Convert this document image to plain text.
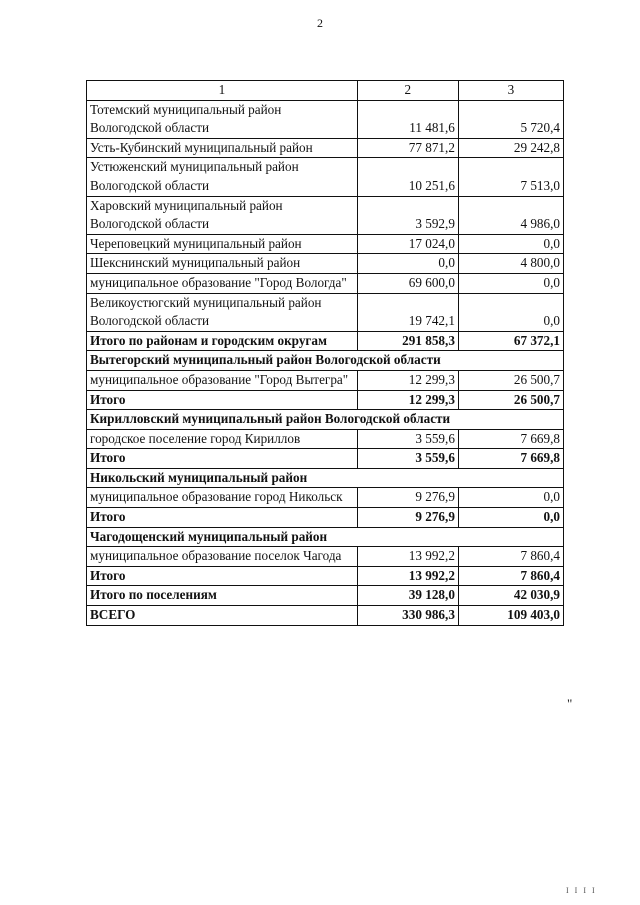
2
1	2	3
Тотемский муниципальный район Вологодской области	11 481,6	5 720,4
Усть-Кубинский муниципальный район	77 871,2	29 242,8
Устюженский муниципальный район Вологодской области	10 251,6	7 513,0
Харовский муниципальный район Вологодской области	3 592,9	4 986,0
Череповецкий муниципальный район	17 024,0	0,0
Шекснинский муниципальный район	0,0	4 800,0
муниципальное образование "Город Вологда"	69 600,0	0,0
Великоустюгский муниципальный район Вологодской области	19 742,1	0,0
Итого по районам и городским округам	291 858,3	67 372,1
Вытегорский муниципальный район Вологодской области		
муниципальное образование "Город Вытегра"	12 299,3	26 500,7
Итого	12 299,3	26 500,7
Кирилловский муниципальный район Вологодской области		
городское поселение город Кириллов	3 559,6	7 669,8
Итого	3 559,6	7 669,8
Никольский муниципальный район		
муниципальное образование город Никольск	9 276,9	0,0
Итого	9 276,9	0,0
Чагодощенский муниципальный район		
муниципальное образование поселок Чагода	13 992,2	7 860,4
Итого	13 992,2	7 860,4
Итого по поселениям	39 128,0	42 030,9
ВСЕГО	330 986,3	109 403,0
"
I I I I
